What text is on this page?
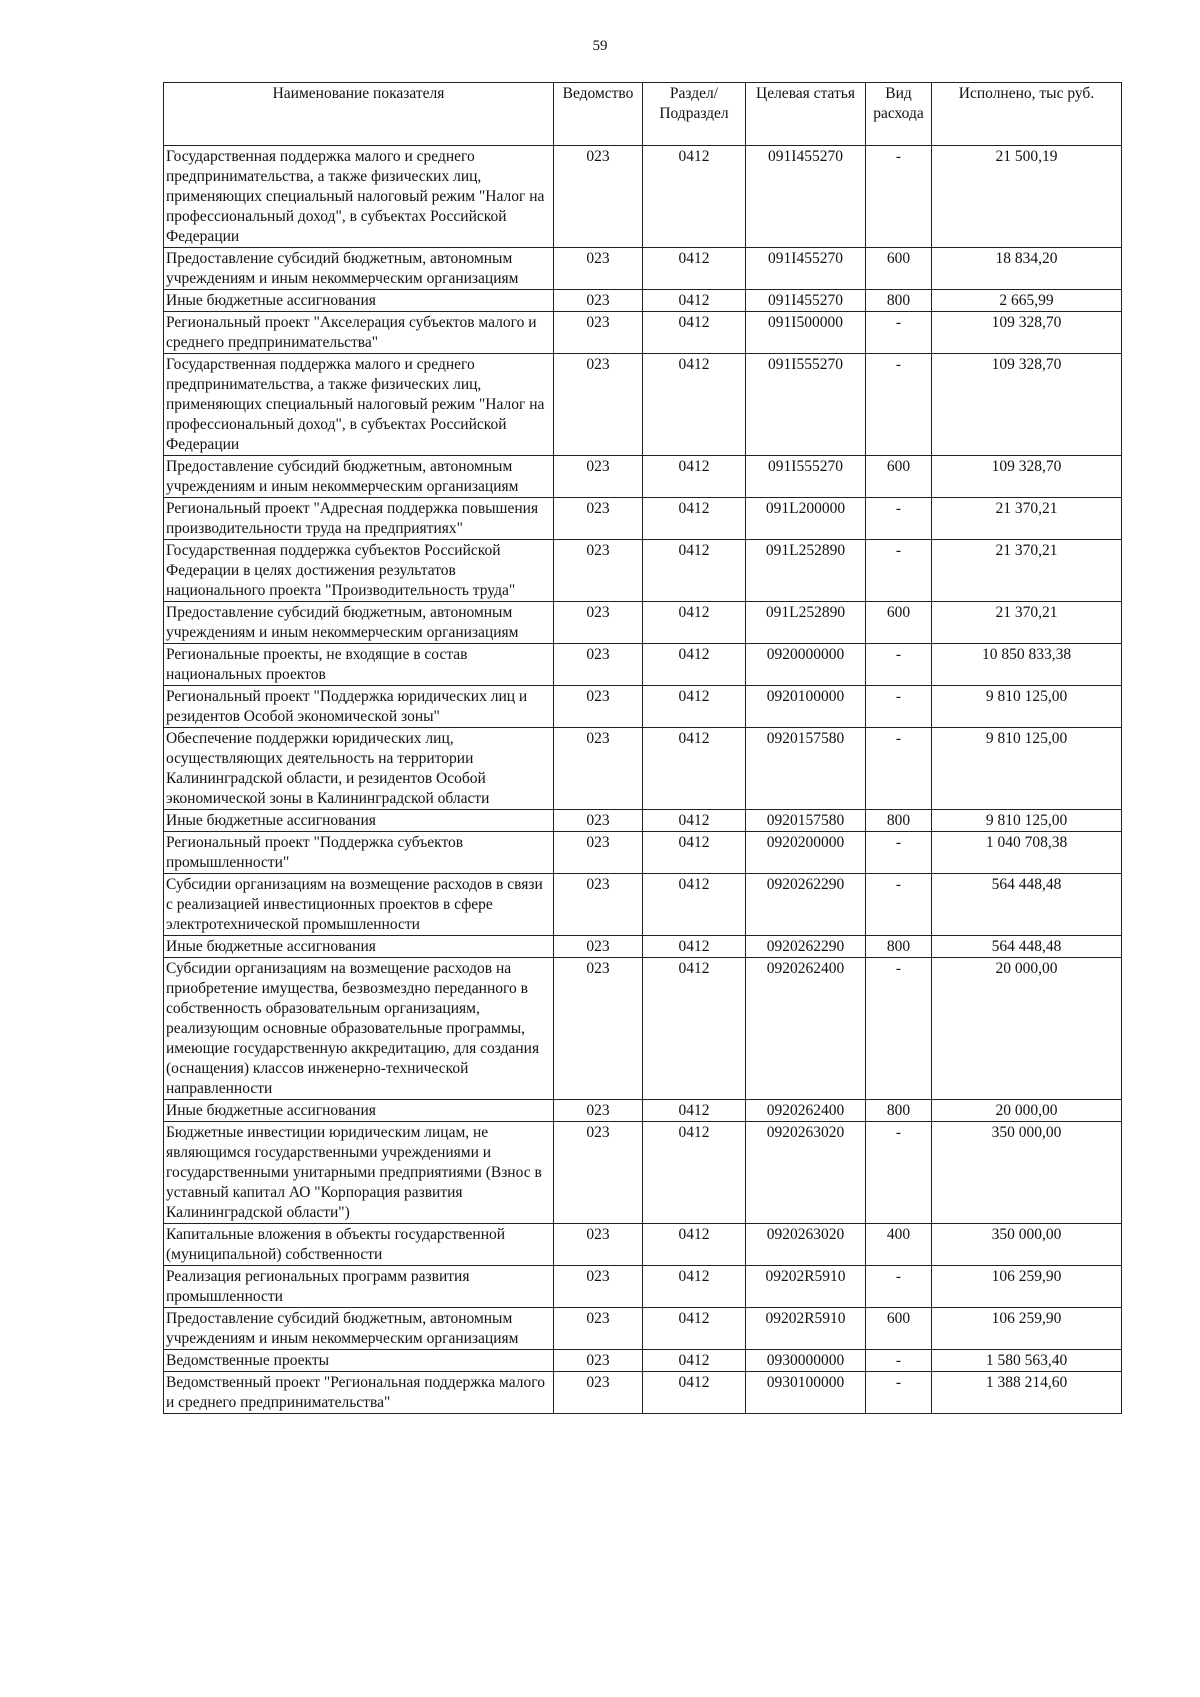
59
Наименование показателя	Ведомство	Раздел/ Подраздел	Целевая статья	Вид расхода	Исполнено, тыс руб.
Государственная поддержка малого и среднего предпринимательства, а также физических лиц, применяющих специальный налоговый режим "Налог на профессиональный доход", в субъектах Российской Федерации	023	0412	091I455270	-	21 500,19
Предоставление субсидий бюджетным, автономным учреждениям и иным некоммерческим организациям	023	0412	091I455270	600	18 834,20
Иные бюджетные ассигнования	023	0412	091I455270	800	2 665,99
Региональный проект "Акселерация субъектов малого и среднего предпринимательства"	023	0412	091I500000	-	109 328,70
Государственная поддержка малого и среднего предпринимательства, а также физических лиц, применяющих специальный налоговый режим "Налог на профессиональный доход", в субъектах Российской Федерации	023	0412	091I555270	-	109 328,70
Предоставление субсидий бюджетным, автономным учреждениям и иным некоммерческим организациям	023	0412	091I555270	600	109 328,70
Региональный проект "Адресная поддержка повышения производительности труда на предприятиях"	023	0412	091L200000	-	21 370,21
Государственная поддержка субъектов Российской Федерации в целях достижения результатов национального проекта "Производительность труда"	023	0412	091L252890	-	21 370,21
Предоставление субсидий бюджетным, автономным учреждениям и иным некоммерческим организациям	023	0412	091L252890	600	21 370,21
Региональные проекты, не входящие в состав национальных проектов	023	0412	0920000000	-	10 850 833,38
Региональный проект "Поддержка юридических лиц и резидентов Особой экономической зоны"	023	0412	0920100000	-	9 810 125,00
Обеспечение поддержки юридических лиц, осуществляющих деятельность на территории Калининградской области, и резидентов Особой экономической зоны в Калининградской области	023	0412	0920157580	-	9 810 125,00
Иные бюджетные ассигнования	023	0412	0920157580	800	9 810 125,00
Региональный проект "Поддержка субъектов промышленности"	023	0412	0920200000	-	1 040 708,38
Субсидии организациям на возмещение расходов в связи с реализацией инвестиционных проектов в сфере электротехнической промышленности	023	0412	0920262290	-	564 448,48
Иные бюджетные ассигнования	023	0412	0920262290	800	564 448,48
Субсидии организациям на возмещение расходов на приобретение имущества, безвозмездно переданного в собственность образовательным организациям, реализующим основные образовательные программы, имеющие государственную аккредитацию, для создания (оснащения) классов инженерно-технической направленности	023	0412	0920262400	-	20 000,00
Иные бюджетные ассигнования	023	0412	0920262400	800	20 000,00
Бюджетные инвестиции юридическим лицам, не являющимся государственными учреждениями и государственными унитарными предприятиями (Взнос в уставный капитал АО "Корпорация развития Калининградской области")	023	0412	0920263020	-	350 000,00
Капитальные вложения в объекты государственной (муниципальной) собственности	023	0412	0920263020	400	350 000,00
Реализация региональных программ развития промышленности	023	0412	09202R5910	-	106 259,90
Предоставление субсидий бюджетным, автономным учреждениям и иным некоммерческим организациям	023	0412	09202R5910	600	106 259,90
Ведомственные проекты	023	0412	0930000000	-	1 580 563,40
Ведомственный проект "Региональная поддержка малого и среднего предпринимательства"	023	0412	0930100000	-	1 388 214,60
